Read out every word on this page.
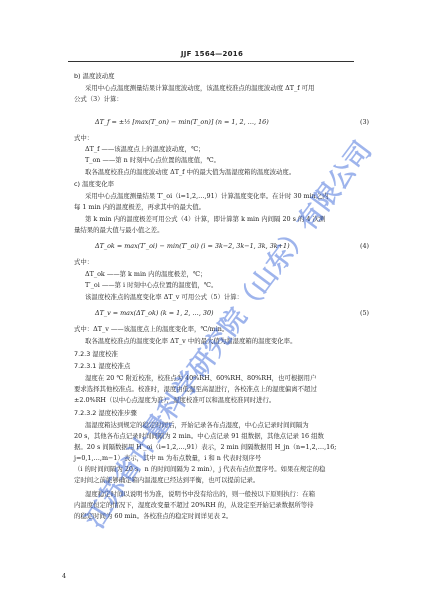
JJF 1564—2016
b) 温度波动度
采用中心点温度测量结果计算温度波动度，该温度校准点的温度波动度 ΔT_f 可用
公式（3）计算：
ΔT_f = ±½ [max(T_on) − min(T_on)] (n = 1, 2, …, 16)
式中：
ΔT_f ——该温度点上的温度波动度，℃；
T_on ——第 n 时刻中心点位置的温度值，℃。
取各温度校准点的温度波动度 ΔT_f 中的最大值为温湿度箱的温度波动度。
c) 温度变化率
采用中心点温度测量结果 T′_oi（i=1,2,…,91）计算温度变化率。在计时 30 min之内
每 1 min 内的温度极差，再求其中的最大值。
第 k min 内的温度极差可用公式（4）计算，即计算第 k min 内间隔 20 s 的 4 次测
量结果的最大值与最小值之差。
ΔT_ok = max(T′_oi) − min(T′_oi) (i = 3k−2, 3k−1, 3k, 3k+1)
式中：
ΔT_ok ——第 k min 内的温度极差，℃；
T′_oi ——第 i 时刻中心点位置的温度值，℃。
该温度校准点的温度变化率 ΔT_v 可用公式（5）计算：
ΔT_v = max(ΔT_ok) (k = 1, 2, …, 30)
式中：ΔT_v ——该温度点上的温度变化率，℃/min。
取各温度校准点的温度变化率 ΔT_v 中的最大值为温湿度箱的温度变化率。
7.2.3 湿度校准
7.2.3.1 湿度校准点
湿度在 20 ℃ 附近校准，校准点为 40%RH、60%RH、80%RH，也可根据用户
要求选择其他校准点。校准时，湿度由低湿至高湿进行，各校准点上的湿度偏离不超过
±2.0%RH（以中心点湿度为准），湿度校准可以和温度校准同时进行。
7.2.3.2 湿度校准步骤
温湿度箱达到规定的稳定时间后，开始记录各布点湿度，中心点记录时间间隔为
20 s，其他各布点记录时间间隔为 2 min。中心点记录 91 组数据，其他点记录 16 组数
据。20 s 间隔数据用 H′_oi（i=1,2,…,91）表示，2 min 间隔数据用 H_jn（n=1,2,…,16;
j=0,1,…,m−1）表示，其中 m 为布点数量，i 和 n 代表时刻序号
（i 的时间间隔为 20 s，n 的时间间隔为 2 min），j 代表布点位置序号。如果在规定的稳
定时间之前能够确定箱内温湿度已经达到平衡，也可以提前记录。
湿度稳定时间以说明书为准，说明书中没有给出的，则一般按以下原则执行：在箱
内温度恒定的情况下，湿度改变量不超过 20%RH 的，从设定至开始记录数据所等待
的稳定时间为 60 min。各校准点的稳定时间详见表 2。
(3)
(4)
(5)
江苏省计量科学研究院（山东）有限公司
4
